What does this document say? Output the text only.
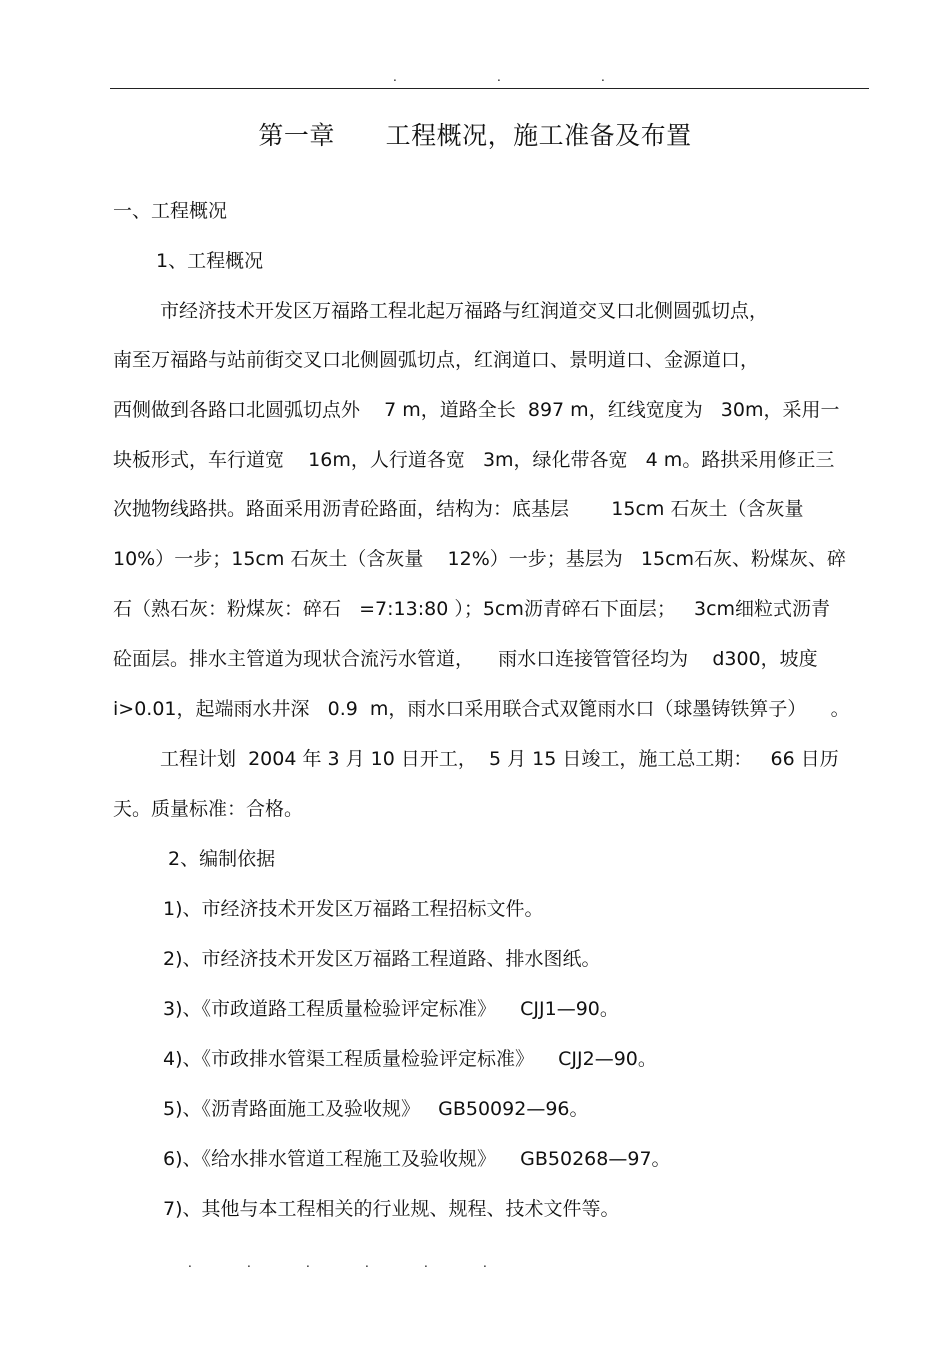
.	.	.
第一章      工程概况，施工准备及布置
一、工程概况
1、工程概况
市经济技术开发区万福路工程北起万福路与红润道交叉口北侧圆弧切点，
南至万福路与站前街交叉口北侧圆弧切点，红润道口、景明道口、金源道口，
西侧做到各路口北圆弧切点外    7 m，道路全长  897 m，红线宽度为   30m，采用一
块板形式，车行道宽    16m，人行道各宽   3m，绿化带各宽   4 m。路拱采用修正三
次抛物线路拱。路面采用沥青砼路面，结构为：底基层       15cm 石灰土（含灰量
10%）一步；15cm 石灰土（含灰量    12%）一步；基层为   15cm石灰、粉煤灰、碎
石（熟石灰：粉煤灰：碎石   =7:13:80 ）；5cm沥青碎石下面层；   3cm细粒式沥青
砼面层。排水主管道为现状合流污水管道，    雨水口连接管管径均为    d300，坡度
i>0.01，起端雨水井深   0.9  m，雨水口采用联合式双篦雨水口（球墨铸铁箅子）    。
工程计划  2004 年 3 月 10 日开工，  5 月 15 日竣工，施工总工期：   66 日历
天。质量标准：合格。
2、编制依据
1)、市经济技术开发区万福路工程招标文件。
2)、市经济技术开发区万福路工程道路、排水图纸。
3)、《市政道路工程质量检验评定标准》    CJJ1—90。
4)、《市政排水管渠工程质量检验评定标准》    CJJ2—90。
5)、《沥青路面施工及验收规》   GB50092—96。
6)、《给水排水管道工程施工及验收规》    GB50268—97。
7)、其他与本工程相关的行业规、规程、技术文件等。
.	.	.	.	.	.
